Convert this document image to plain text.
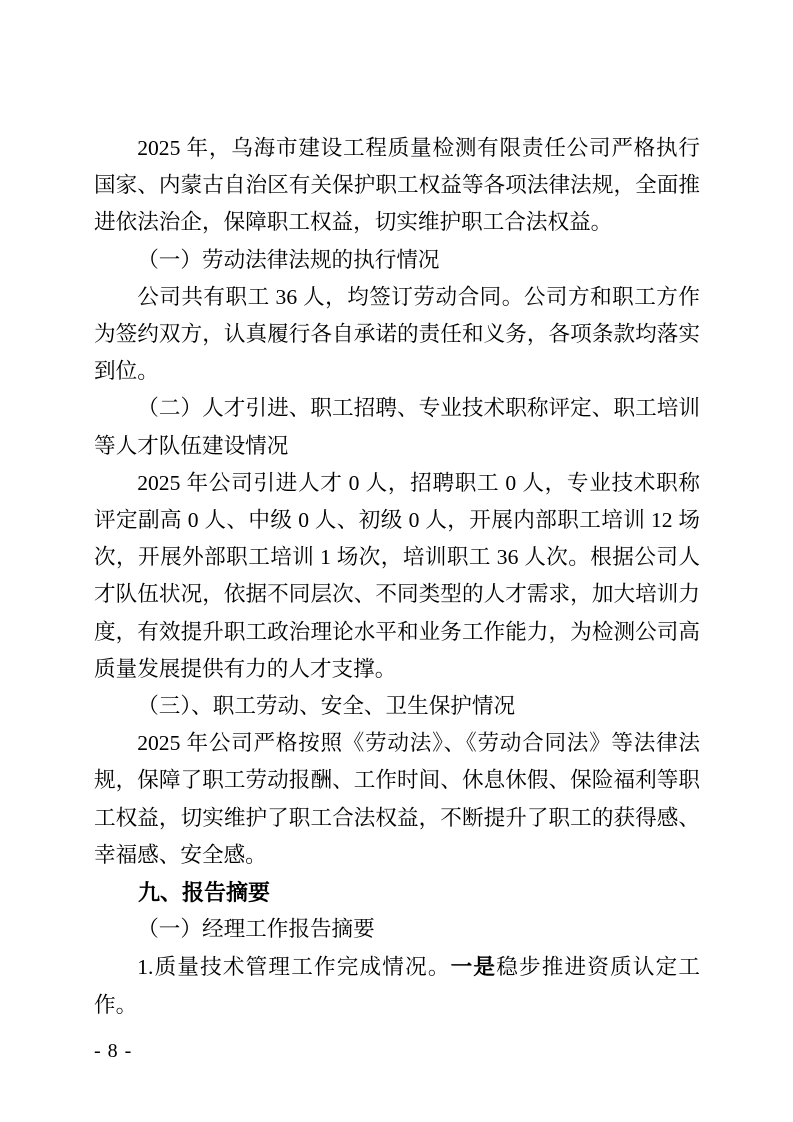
2025 年，乌海市建设工程质量检测有限责任公司严格执行国家、内蒙古自治区有关保护职工权益等各项法律法规，全面推进依法治企，保障职工权益，切实维护职工合法权益。

（一）劳动法律法规的执行情况

公司共有职工 36 人，均签订劳动合同。公司方和职工方作为签约双方，认真履行各自承诺的责任和义务，各项条款均落实到位。

（二）人才引进、职工招聘、专业技术职称评定、职工培训等人才队伍建设情况

2025 年公司引进人才 0 人，招聘职工 0 人，专业技术职称评定副高 0 人、中级 0 人、初级 0 人，开展内部职工培训 12 场次，开展外部职工培训 1 场次，培训职工 36 人次。根据公司人才队伍状况，依据不同层次、不同类型的人才需求，加大培训力度，有效提升职工政治理论水平和业务工作能力，为检测公司高质量发展提供有力的人才支撑。

（三）、职工劳动、安全、卫生保护情况

2025 年公司严格按照《劳动法》、《劳动合同法》等法律法规，保障了职工劳动报酬、工作时间、休息休假、保险福利等职工权益，切实维护了职工合法权益，不断提升了职工的获得感、幸福感、安全感。

九、报告摘要

（一）经理工作报告摘要

1.质量技术管理工作完成情况。一是稳步推进资质认定工作。

- 8 -
